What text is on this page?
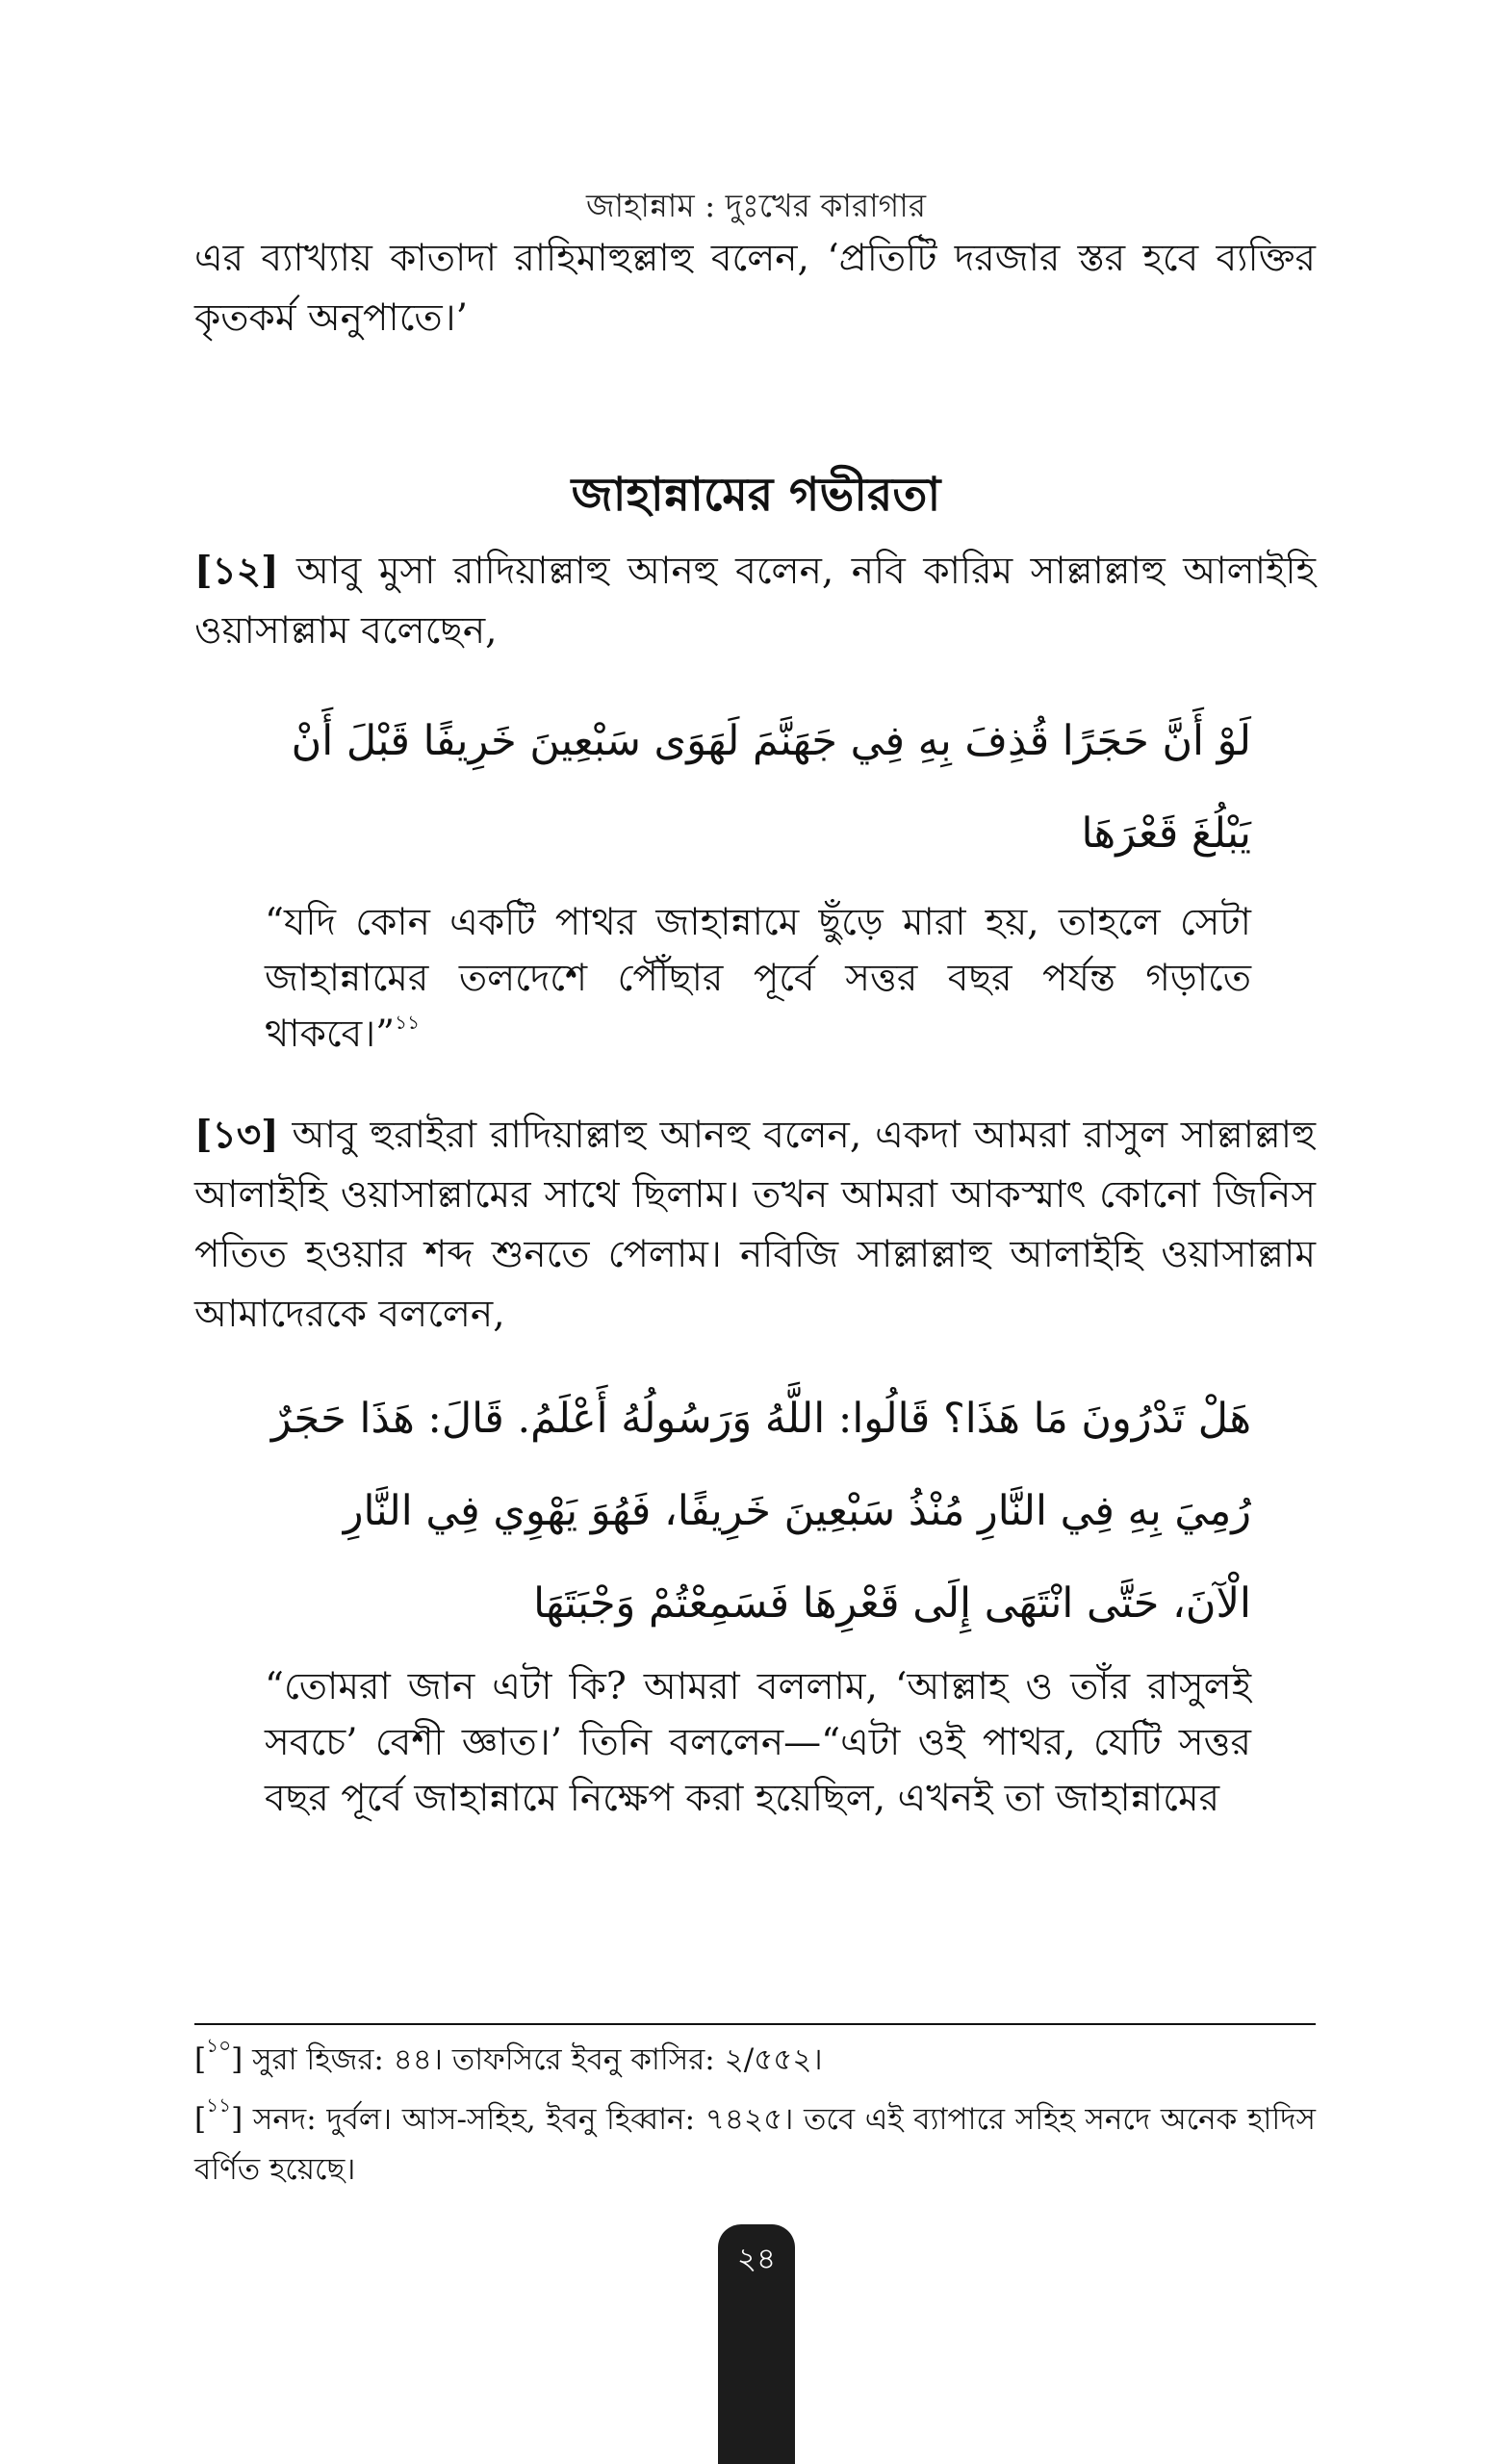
জাহান্নাম : দুঃখের কারাগার

এর ব্যাখ্যায় কাতাদা রাহিমাহুল্লাহু বলেন, ‘প্রতিটি দরজার স্তর হবে ব্যক্তির কৃতকর্ম অনুপাতে।’

জাহান্নামের গভীরতা

[১২] আবু মুসা রাদিয়াল্লাহু আনহু বলেন, নবি কারিম সাল্লাল্লাহু আলাইহি ওয়াসাল্লাম বলেছেন,

لَوْ أَنَّ حَجَرًا قُذِفَ بِهِ فِي جَهَنَّمَ لَهَوَى سَبْعِينَ خَرِيفًا قَبْلَ أَنْ يَبْلُغَ قَعْرَهَا

“যদি কোন একটি পাথর জাহান্নামে ছুঁড়ে মারা হয়, তাহলে সেটা জাহান্নামের তলদেশে পৌঁছার পূর্বে সত্তর বছর পর্যন্ত গড়াতে থাকবে।”$^{১১}$

[১৩] আবু হুরাইরা রাদিয়াল্লাহু আনহু বলেন, একদা আমরা রাসুল সাল্লাল্লাহু আলাইহি ওয়াসাল্লামের সাথে ছিলাম। তখন আমরা আকস্মাৎ কোনো জিনিস পতিত হওয়ার শব্দ শুনতে পেলাম। নবিজি সাল্লাল্লাহু আলাইহি ওয়াসাল্লাম আমাদেরকে বললেন,

هَلْ تَدْرُونَ مَا هَذَا؟ قَالُوا: اللَّهُ وَرَسُولُهُ أَعْلَمُ. قَالَ: هَذَا حَجَرٌ رُمِيَ بِهِ فِي النَّارِ مُنْذُ سَبْعِينَ خَرِيفًا، فَهُوَ يَهْوِي فِي النَّارِ الْآنَ، حَتَّى انْتَهَى إِلَى قَعْرِهَا فَسَمِعْتُمْ وَجْبَتَهَا

“তোমরা জান এটা কি? আমরা বললাম, ‘আল্লাহ ও তাঁর রাসুলই সবচে’ বেশী জ্ঞাত।’ তিনি বললেন—“এটা ওই পাথর, যেটি সত্তর বছর পূর্বে জাহান্নামে নিক্ষেপ করা হয়েছিল, এখনই তা জাহান্নামের

[$^{১০}$] সুরা হিজর: ৪৪। তাফসিরে ইবনু কাসির: ২/৫৫২।

[$^{১১}$] সনদ: দুর্বল। আস-সহিহ, ইবনু হিব্বান: ৭৪২৫। তবে এই ব্যাপারে সহিহ সনদে অনেক হাদিস বর্ণিত হয়েছে।

২৪
